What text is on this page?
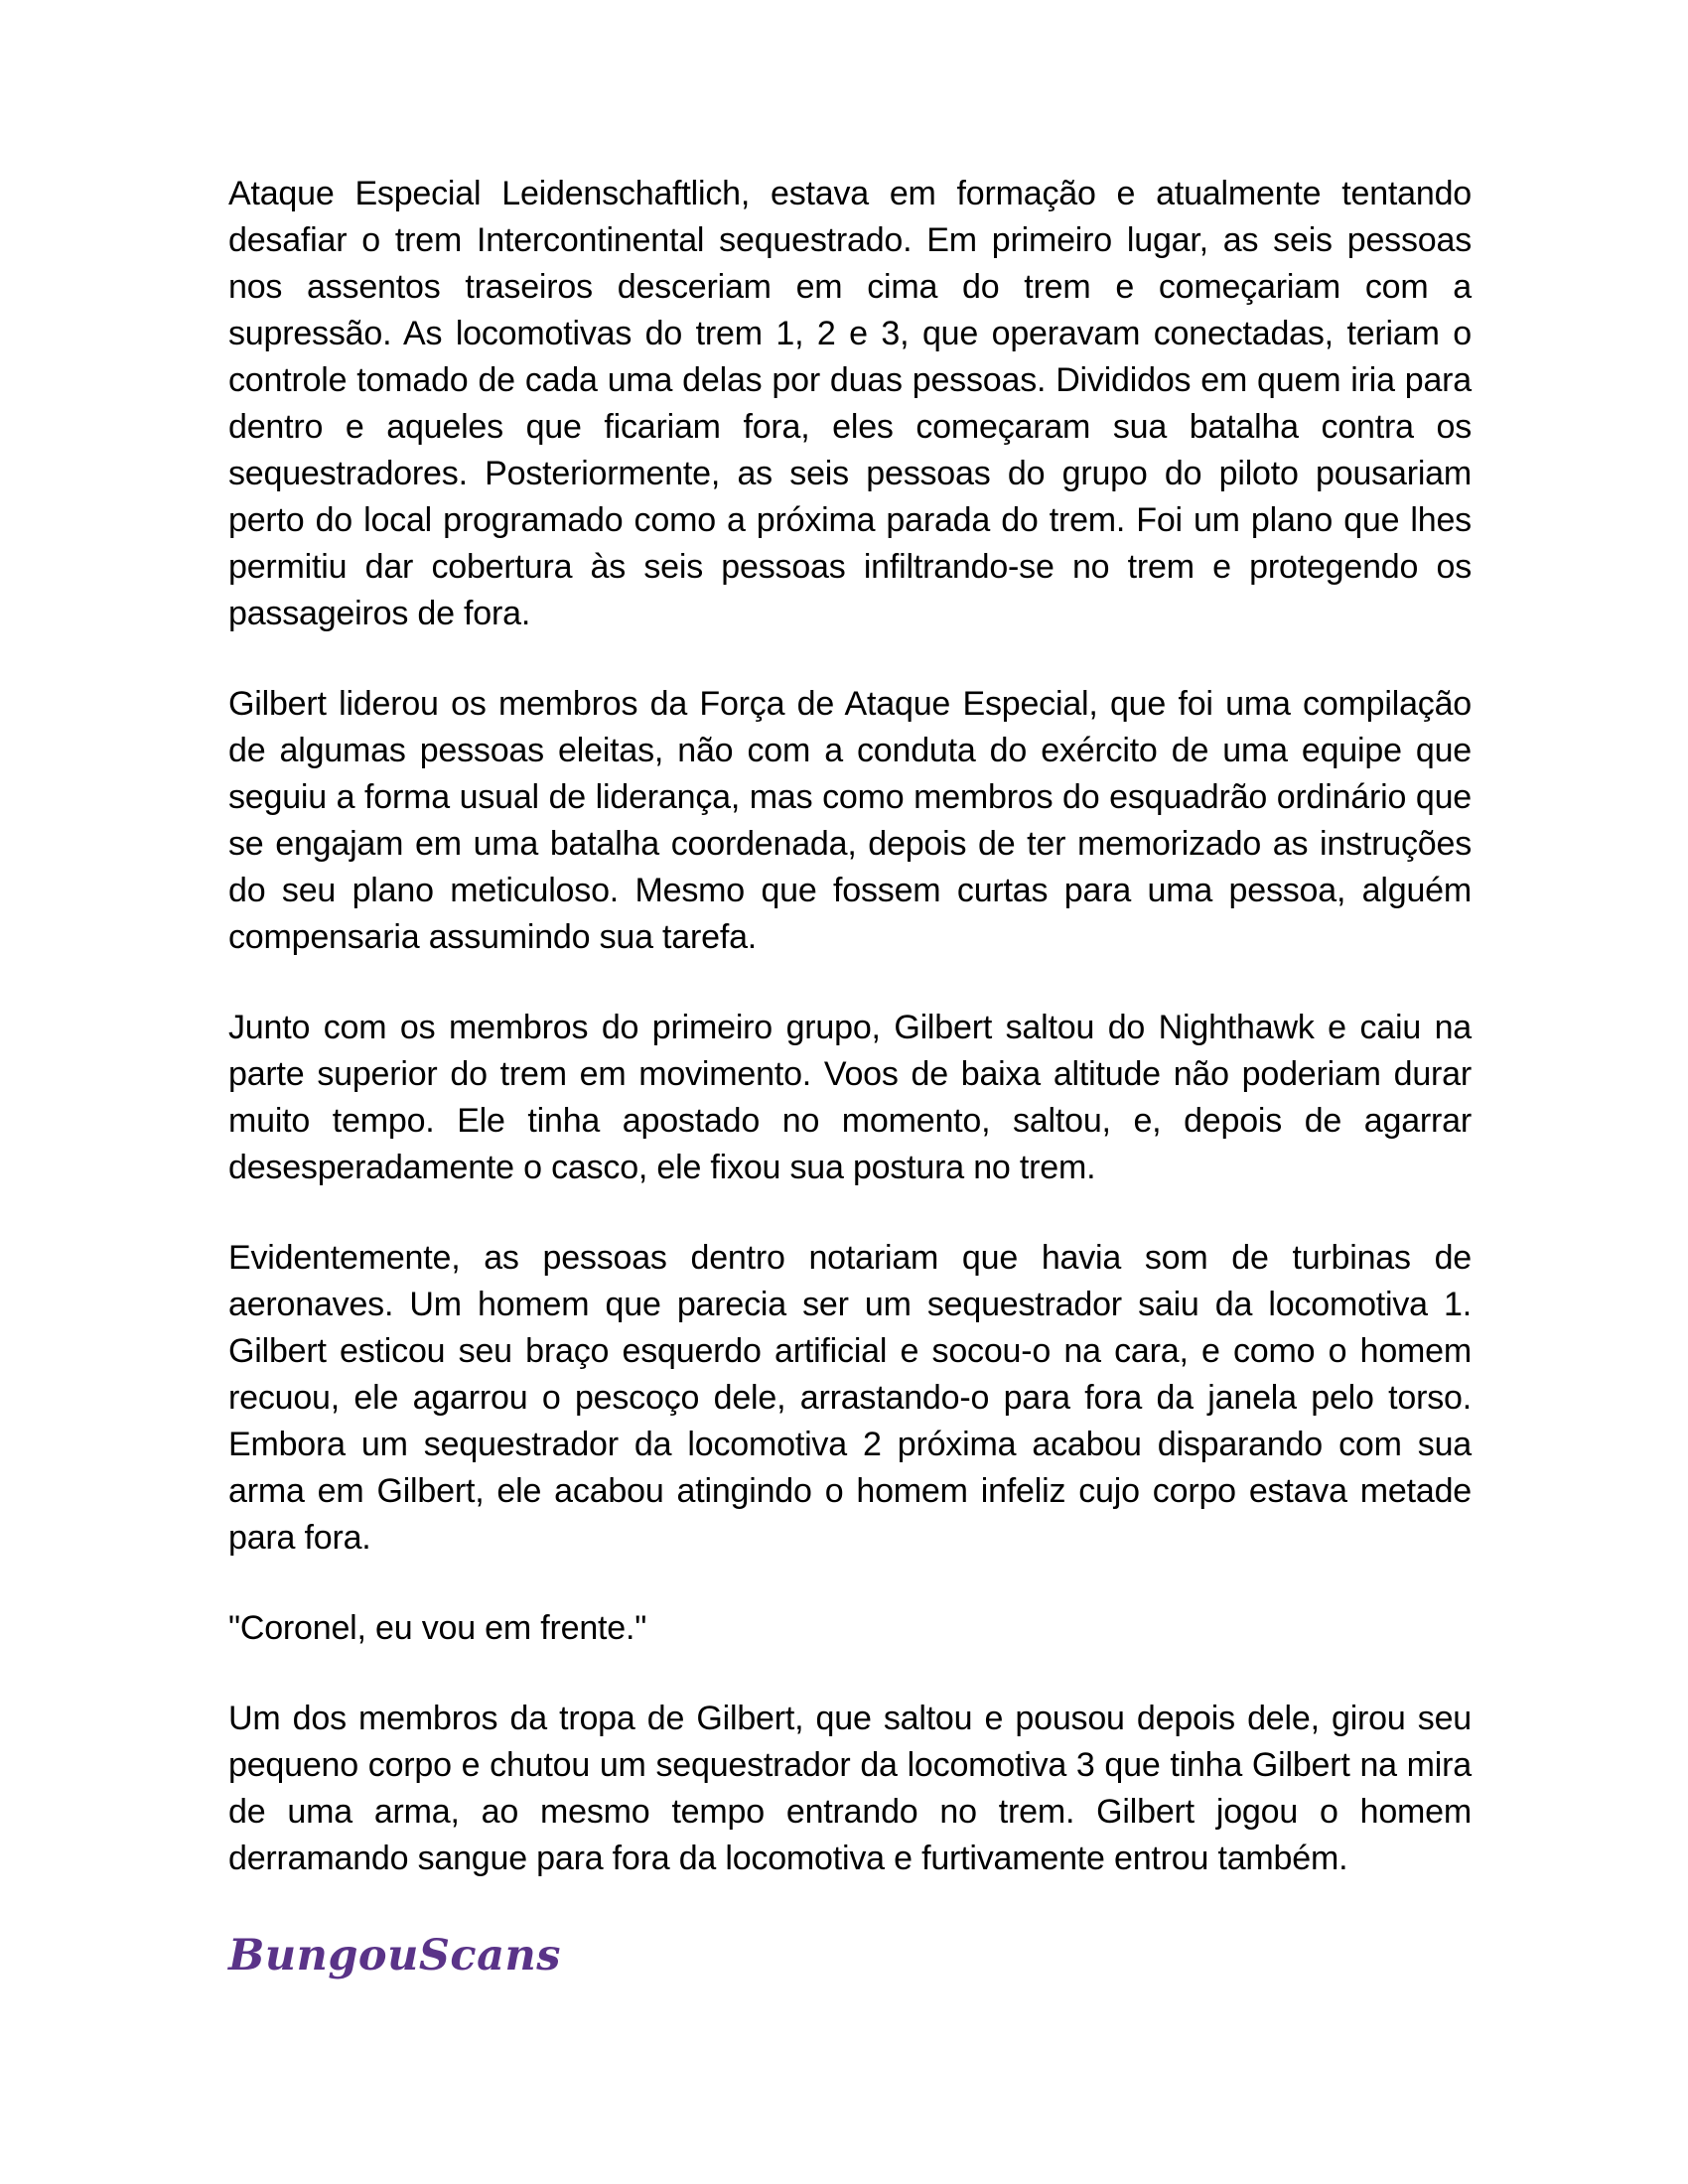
Ataque Especial Leidenschaftlich, estava em formação e atualmente tentando desafiar o trem Intercontinental sequestrado. Em primeiro lugar, as seis pessoas nos assentos traseiros desceriam em cima do trem e começariam com a supressão. As locomotivas do trem 1, 2 e 3, que operavam conectadas, teriam o controle tomado de cada uma delas por duas pessoas. Divididos em quem iria para dentro e aqueles que ficariam fora, eles começaram sua batalha contra os sequestradores. Posteriormente, as seis pessoas do grupo do piloto pousariam perto do local programado como a próxima parada do trem. Foi um plano que lhes permitiu dar cobertura às seis pessoas infiltrando-se no trem e protegendo os passageiros de fora.

Gilbert liderou os membros da Força de Ataque Especial, que foi uma compilação de algumas pessoas eleitas, não com a conduta do exército de uma equipe que seguiu a forma usual de liderança, mas como membros do esquadrão ordinário que se engajam em uma batalha coordenada, depois de ter memorizado as instruções do seu plano meticuloso. Mesmo que fossem curtas para uma pessoa, alguém compensaria assumindo sua tarefa.

Junto com os membros do primeiro grupo, Gilbert saltou do Nighthawk e caiu na parte superior do trem em movimento. Voos de baixa altitude não poderiam durar muito tempo. Ele tinha apostado no momento, saltou, e, depois de agarrar desesperadamente o casco, ele fixou sua postura no trem.

Evidentemente, as pessoas dentro notariam que havia som de turbinas de aeronaves. Um homem que parecia ser um sequestrador saiu da locomotiva 1. Gilbert esticou seu braço esquerdo artificial e socou-o na cara, e como o homem recuou, ele agarrou o pescoço dele, arrastando-o para fora da janela pelo torso. Embora um sequestrador da locomotiva 2 próxima acabou disparando com sua arma em Gilbert, ele acabou atingindo o homem infeliz cujo corpo estava metade para fora.

"Coronel, eu vou em frente."

Um dos membros da tropa de Gilbert, que saltou e pousou depois dele, girou seu pequeno corpo e chutou um sequestrador da locomotiva 3 que tinha Gilbert na mira de uma arma, ao mesmo tempo entrando no trem. Gilbert jogou o homem derramando sangue para fora da locomotiva e furtivamente entrou também.

BungouScans
